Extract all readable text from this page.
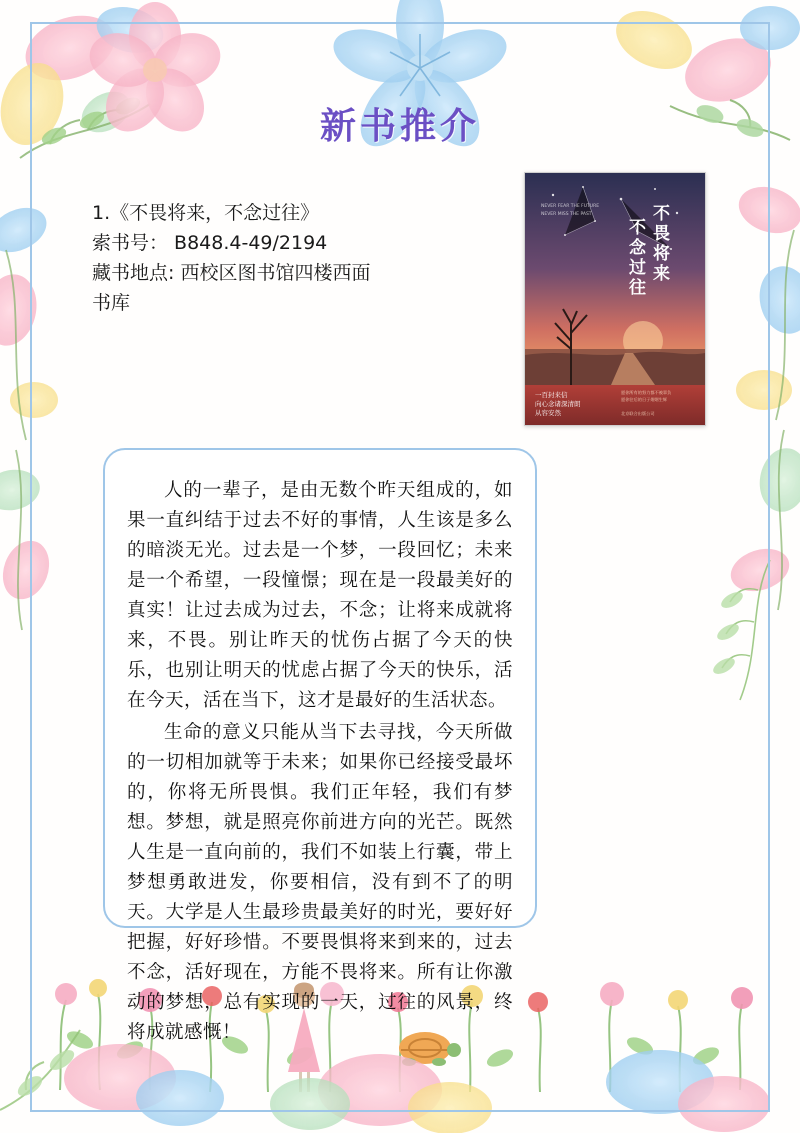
新书推介
1.《不畏将来，不念过往》
索书号： B848.4-49/2194
藏书地点: 西校区图书馆四楼西面
书库
不
畏
将
来
不
念
过
往
NEVER FEAR THE FUTURE
NEVER MISS THE PAST
一百封来信
向心念诸深清朗
从容安然
愿你所有的努力都不被辜负
愿你往后的日子熠熠生辉
北京联合出版公司

人的一辈子，是由无数个昨天组成的，如果一直纠结于过去不好的事情，人生该是多么的暗淡无光。过去是一个梦，一段回忆；未来是一个希望，一段憧憬；现在是一段最美好的真实！让过去成为过去，不念；让将来成就将来，不畏。别让昨天的忧伤占据了今天的快乐，也别让明天的忧虑占据了今天的快乐，活在今天，活在当下，这才是最好的生活状态。

生命的意义只能从当下去寻找，今天所做的一切相加就等于未来；如果你已经接受最坏的，你将无所畏惧。我们正年轻，我们有梦想。梦想，就是照亮你前进方向的光芒。既然人生是一直向前的，我们不如装上行囊，带上梦想勇敢进发，你要相信，没有到不了的明天。大学是人生最珍贵最美好的时光，要好好把握，好好珍惜。不要畏惧将来到来的，过去不念，活好现在，方能不畏将来。所有让你激动的梦想，总有实现的一天，过往的风景，终将成就感慨！
